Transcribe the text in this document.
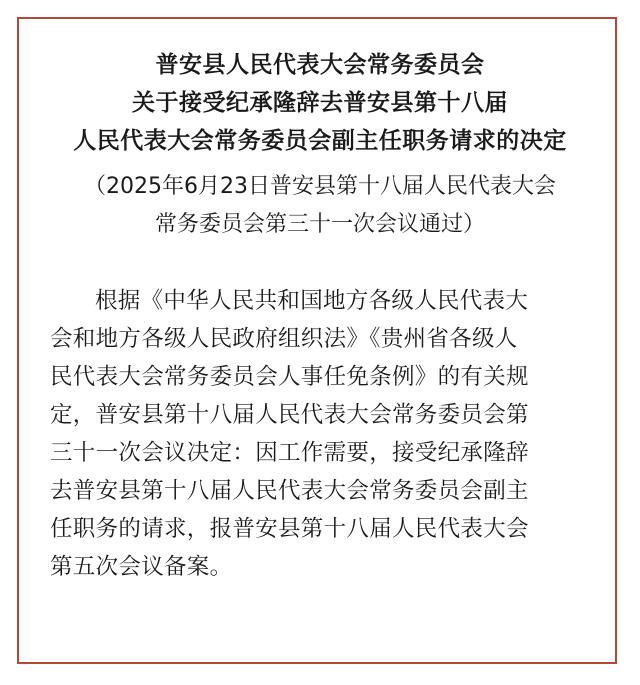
普安县人民代表大会常务委员会
关于接受纪承隆辞去普安县第十八届
人民代表大会常务委员会副主任职务请求的决定
（2025年6月23日普安县第十八届人民代表大会
常务委员会第三十一次会议通过）
根据《中华人民共和国地方各级人民代表大
会和地方各级人民政府组织法》《贵州省各级人
民代表大会常务委员会人事任免条例》的有关规
定，普安县第十八届人民代表大会常务委员会第
三十一次会议决定：因工作需要，接受纪承隆辞
去普安县第十八届人民代表大会常务委员会副主
任职务的请求，报普安县第十八届人民代表大会
第五次会议备案。
